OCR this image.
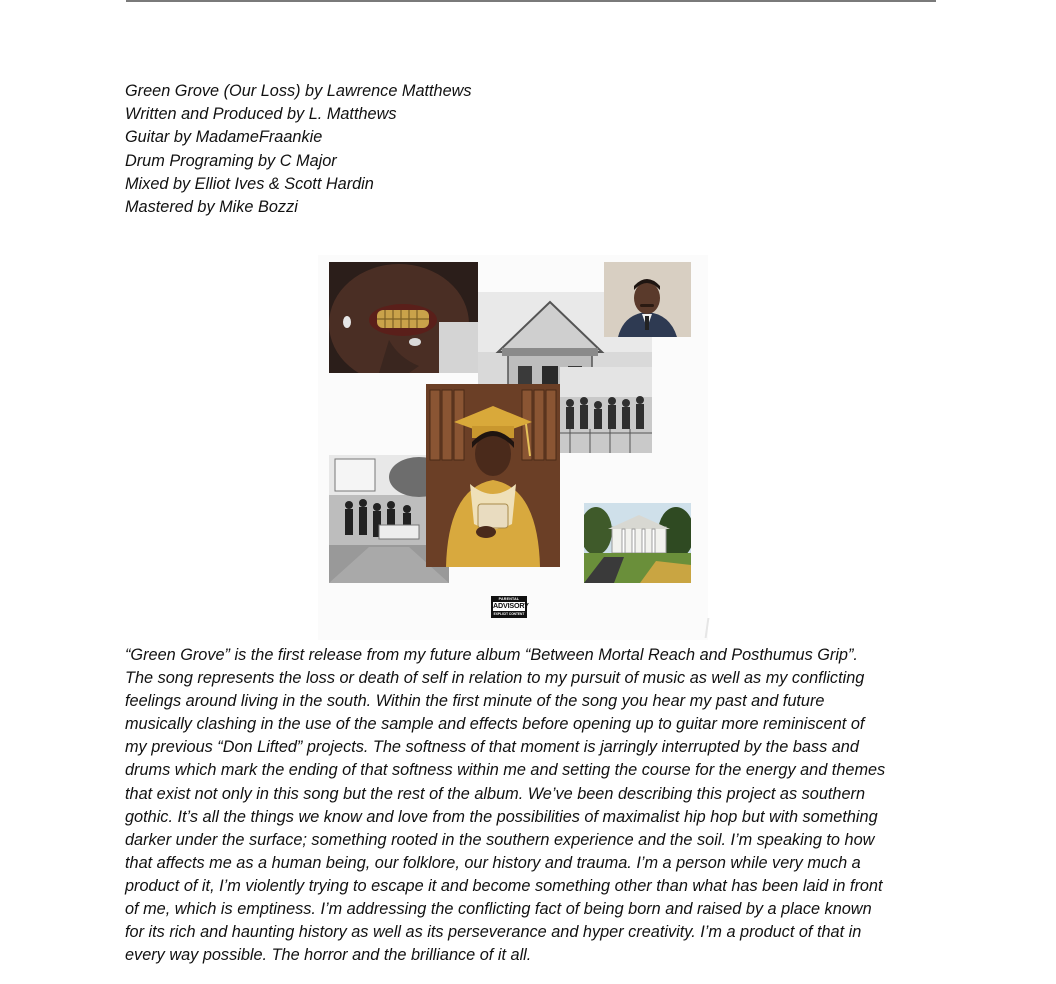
Green Grove (Our Loss) by Lawrence Matthews
Written and Produced by L. Matthews
Guitar by MadameFraankie
Drum Programing by C Major
Mixed by Elliot Ives & Scott Hardin
Mastered by Mike Bozzi
PARENTAL
ADVISORY
EXPLICIT CONTENT
“Green Grove” is the first release from my future album “Between Mortal Reach and Posthumus Grip”.
The song represents the loss or death of self in relation to my pursuit of music as well as my conflicting
feelings around living in the south. Within the first minute of the song you hear my past and future
musically clashing in the use of the sample and effects before opening up to guitar more reminiscent of
my previous “Don Lifted” projects. The softness of that moment is jarringly interrupted by the bass and
drums which mark the ending of that softness within me and setting the course for the energy and themes
that exist not only in this song but the rest of the album. We’ve been describing this project as southern
gothic. It’s all the things we know and love from the possibilities of maximalist hip hop but with something
darker under the surface; something rooted in the southern experience and the soil. I’m speaking to how
that affects me as a human being, our folklore, our history and trauma. I’m a person while very much a
product of it, I’m violently trying to escape it and become something other than what has been laid in front
of me, which is emptiness. I’m addressing the conflicting fact of being born and raised by a place known
for its rich and haunting history as well as its perseverance and hyper creativity. I’m a product of that in
every way possible. The horror and the brilliance of it all.
